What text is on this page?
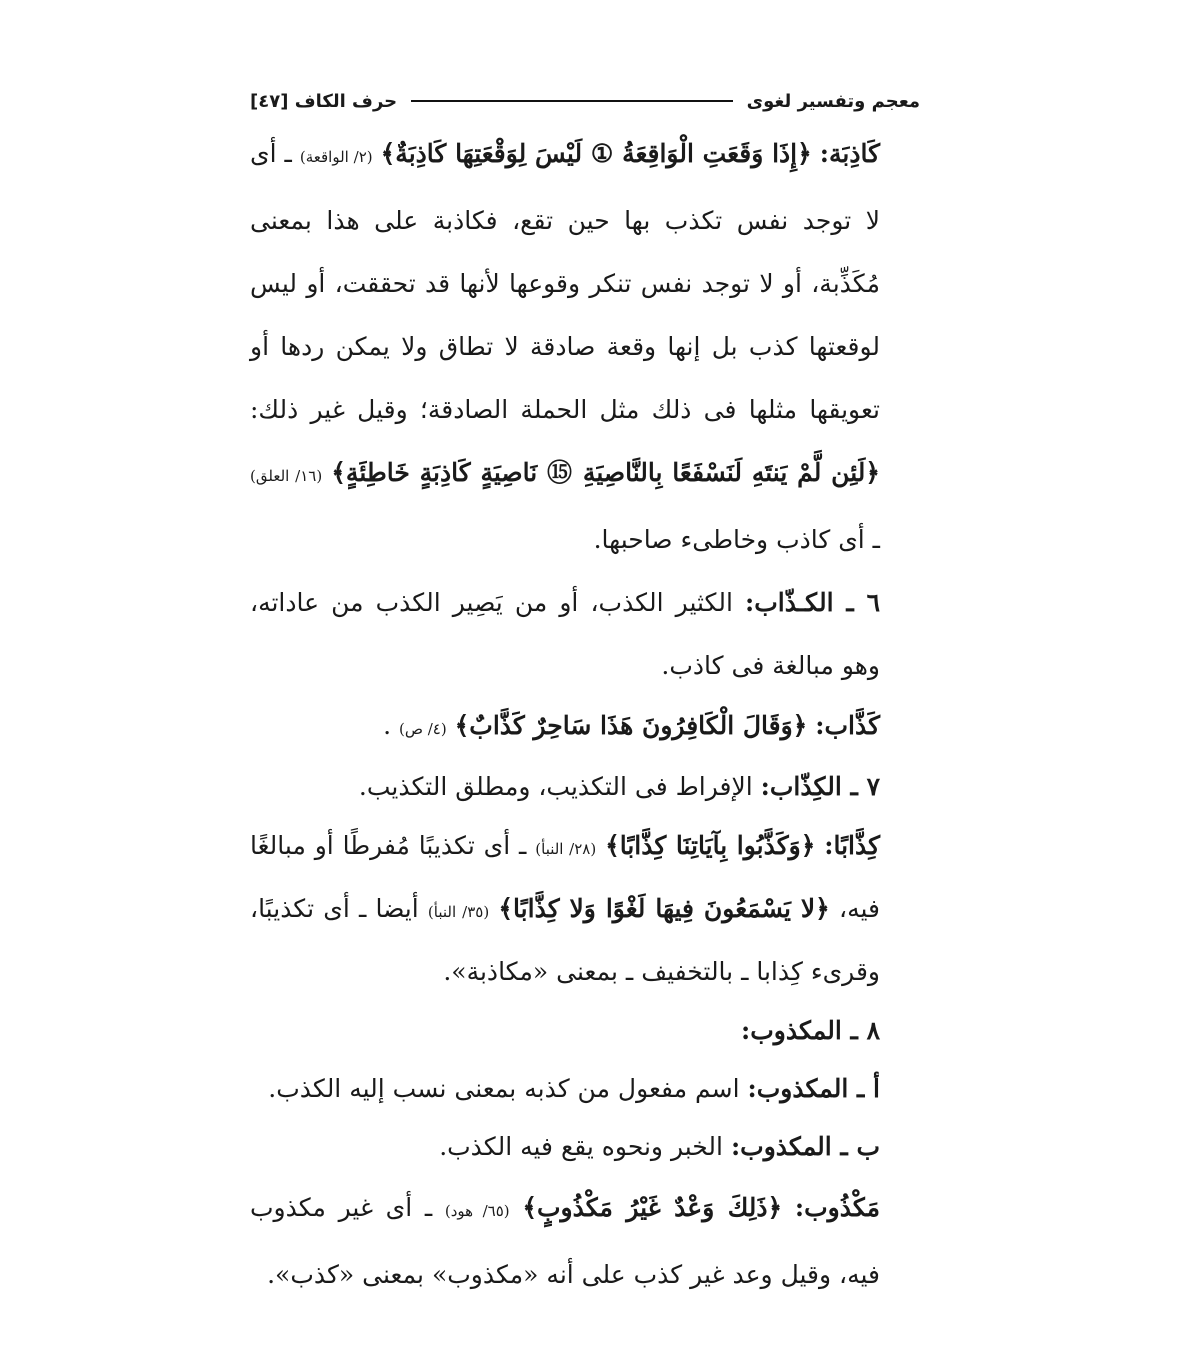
معجم وتفسير لغوى
حرف الكاف [٤٧]
كَاذِبَة: ﴿إِذَا وَقَعَتِ الْوَاقِعَةُ ① لَيْسَ لِوَقْعَتِهَا كَاذِبَةٌ﴾ (٢/ الواقعة) ـ أى لا توجد نفس تكذب بها حين تقع، فكاذبة على هذا بمعنى مُكَذِّبة، أو لا توجد نفس تنكر وقوعها لأنها قد تحققت، أو ليس لوقعتها كذب بل إنها وقعة صادقة لا تطاق ولا يمكن ردها أو تعويقها مثلها فى ذلك مثل الحملة الصادقة؛ وقيل غير ذلك: ﴿لَئِن لَّمْ يَنتَهِ لَنَسْفَعًا بِالنَّاصِيَةِ ⑮ نَاصِيَةٍ كَاذِبَةٍ خَاطِئَةٍ﴾ (١٦/ العلق) ـ أى كاذب وخاطىء صاحبها.
٦ ـ الكـذّاب: الكثير الكذب، أو من يَصِير الكذب من عاداته، وهو مبالغة فى كاذب.
كَذَّاب: ﴿وَقَالَ الْكَافِرُونَ هَذَا سَاحِرٌ كَذَّابٌ﴾ (٤/ ص) .
٧ ـ الكِذّاب: الإفراط فى التكذيب، ومطلق التكذيب.
كِذَّابًا: ﴿وَكَذَّبُوا بِآيَاتِنَا كِذَّابًا﴾ (٢٨/ النبأ) ـ أى تكذيبًا مُفرطًا أو مبالغًا فيه، ﴿لا يَسْمَعُونَ فِيهَا لَغْوًا وَلا كِذَّابًا﴾ (٣٥/ النبأ) أيضا ـ أى تكذيبًا، وقرىء كِذابا ـ بالتخفيف ـ بمعنى «مكاذبة».
٨ ـ المكذوب:
أ ـ المكذوب: اسم مفعول من كذبه بمعنى نسب إليه الكذب.
ب ـ المكذوب: الخبر ونحوه يقع فيه الكذب.
مَكْذُوب: ﴿ذَلِكَ وَعْدٌ غَيْرُ مَكْذُوبٍ﴾ (٦٥/ هود) ـ أى غير مكذوب فيه، وقيل وعد غير كذب على أنه «مكذوب» بمعنى «كذب».
